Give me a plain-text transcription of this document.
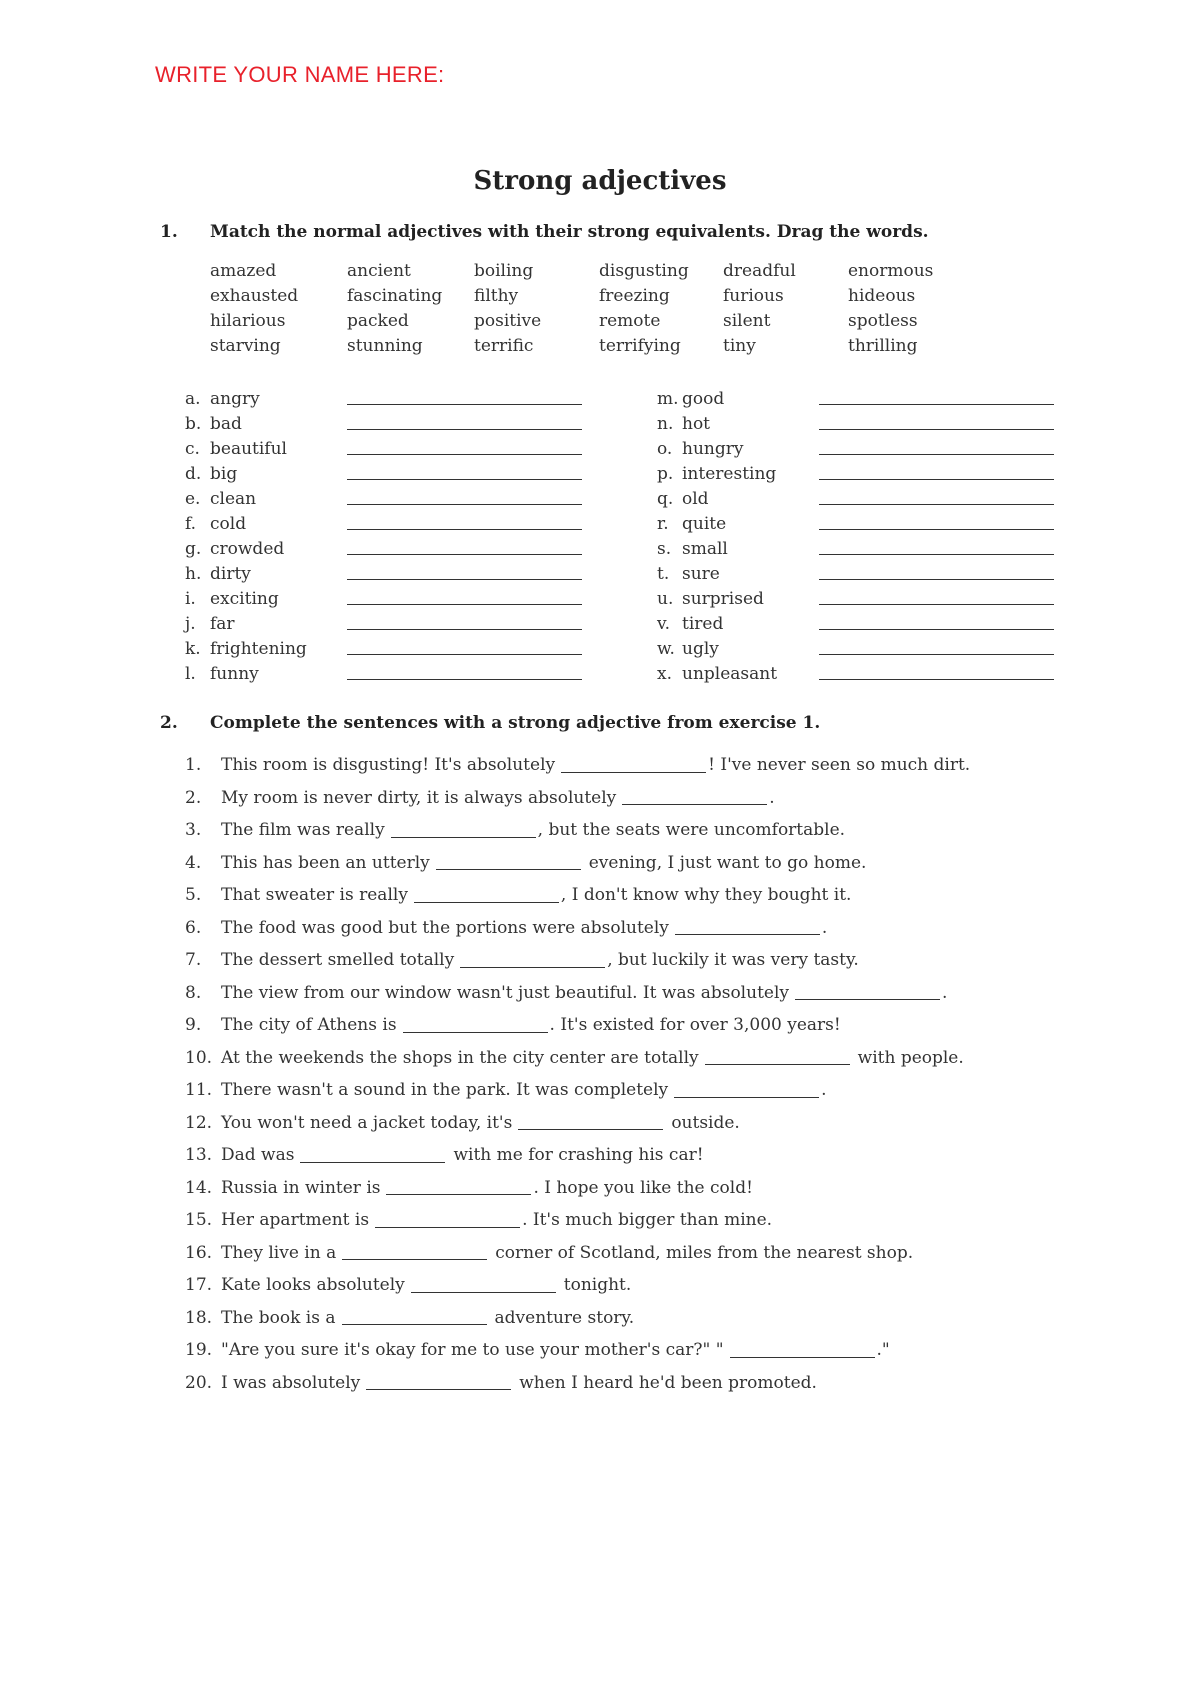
WRITE YOUR NAME HERE:
Strong adjectives
1. Match the normal adjectives with their strong equivalents. Drag the words.
amazed	ancient	boiling	disgusting	dreadful	enormous
exhausted	fascinating	filthy	freezing	furious	hideous
hilarious	packed	positive	remote	silent	spotless
starving	stunning	terrific	terrifying	tiny	thrilling
a. angry
b. bad
c. beautiful
d. big
e. clean
f. cold
g. crowded
h. dirty
i. exciting
j. far
k. frightening
l. funny
m. good
n. hot
o. hungry
p. interesting
q. old
r. quite
s. small
t. sure
u. surprised
v. tired
w. ugly
x. unpleasant
2. Complete the sentences with a strong adjective from exercise 1.
1.	This room is disgusting! It's absolutely	! I've never seen so much dirt.
2.	My room is never dirty, it is always absolutely	.
3.	The film was really	, but the seats were uncomfortable.
4.	This has been an utterly	evening, I just want to go home.
5.	That sweater is really	, I don't know why they bought it.
6.	The food was good but the portions were absolutely	.
7.	The dessert smelled totally	, but luckily it was very tasty.
8.	The view from our window wasn't just beautiful. It was absolutely	.
9.	The city of Athens is	. It's existed for over 3,000 years!
10. At the weekends the shops in the city center are totally	with people.
11. There wasn't a sound in the park. It was completely	.
12. You won't need a jacket today, it's	outside.
13. Dad was	with me for crashing his car!
14. Russia in winter is	. I hope you like the cold!
15. Her apartment is	. It's much bigger than mine.
16. They live in a	corner of Scotland, miles from the nearest shop.
17. Kate looks absolutely	tonight.
18. The book is a	adventure story.
19. "Are you sure it's okay for me to use your mother's car?" "	."
20. I was absolutely	when I heard he'd been promoted.
